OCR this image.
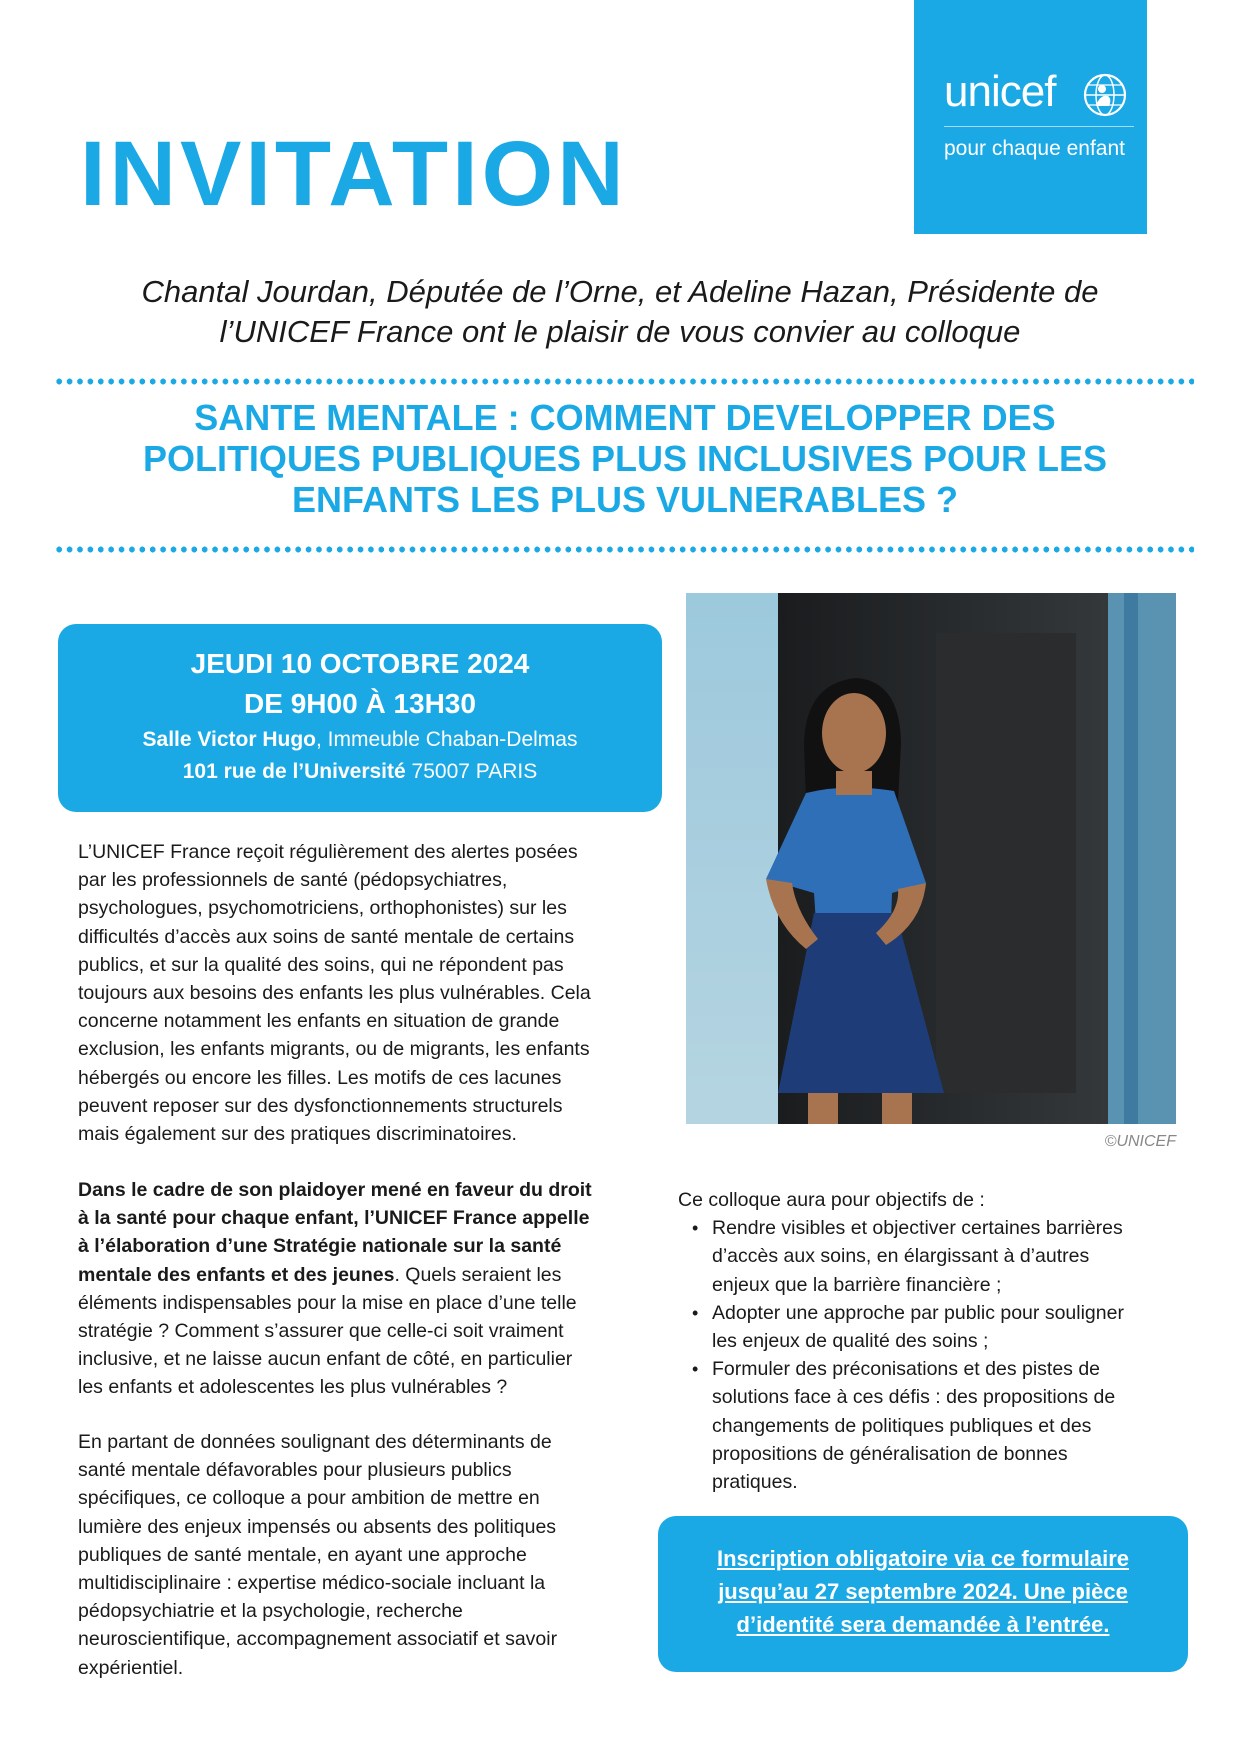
unicef
pour chaque enfant
INVITATION
Chantal Jourdan, Députée de l’Orne, et Adeline Hazan, Présidente de
l’UNICEF France ont le plaisir de vous convier au colloque
SANTE MENTALE : COMMENT DEVELOPPER DES
POLITIQUES PUBLIQUES PLUS INCLUSIVES POUR LES
ENFANTS LES PLUS VULNERABLES ?
JEUDI 10 OCTOBRE 2024
DE 9H00 À 13H30
Salle Victor Hugo, Immeuble Chaban-Delmas
101 rue de l’Université 75007 PARIS
©UNICEF
L’UNICEF France reçoit régulièrement des alertes posées
par les professionnels de santé (pédopsychiatres,
psychologues, psychomotriciens, orthophonistes) sur les
difficultés d’accès aux soins de santé mentale de certains
publics, et sur la qualité des soins, qui ne répondent pas
toujours aux besoins des enfants les plus vulnérables. Cela
concerne notamment les enfants en situation de grande
exclusion, les enfants migrants, ou de migrants, les enfants
hébergés ou encore les filles. Les motifs de ces lacunes
peuvent reposer sur des dysfonctionnements structurels
mais également sur des pratiques discriminatoires.
Dans le cadre de son plaidoyer mené en faveur du droit
à la santé pour chaque enfant, l’UNICEF France appelle
à l’élaboration d’une Stratégie nationale sur la santé
mentale des enfants et des jeunes. Quels seraient les
éléments indispensables pour la mise en place d’une telle
stratégie ? Comment s’assurer que celle-ci soit vraiment
inclusive, et ne laisse aucun enfant de côté, en particulier
les enfants et adolescentes les plus vulnérables ?
En partant de données soulignant des déterminants de
santé mentale défavorables pour plusieurs publics
spécifiques, ce colloque a pour ambition de mettre en
lumière des enjeux impensés ou absents des politiques
publiques de santé mentale, en ayant une approche
multidisciplinaire : expertise médico-sociale incluant la
pédopsychiatrie et la psychologie, recherche
neuroscientifique, accompagnement associatif et savoir
expérientiel.
Ce colloque aura pour objectifs de :
• Rendre visibles et objectiver certaines barrières
d’accès aux soins, en élargissant à d’autres
enjeux que la barrière financière ;
• Adopter une approche par public pour souligner
les enjeux de qualité des soins ;
• Formuler des préconisations et des pistes de
solutions face à ces défis : des propositions de
changements de politiques publiques et des
propositions de généralisation de bonnes
pratiques.
Inscription obligatoire via ce formulaire
jusqu’au 27 septembre 2024. Une pièce
d’identité sera demandée à l’entrée.
